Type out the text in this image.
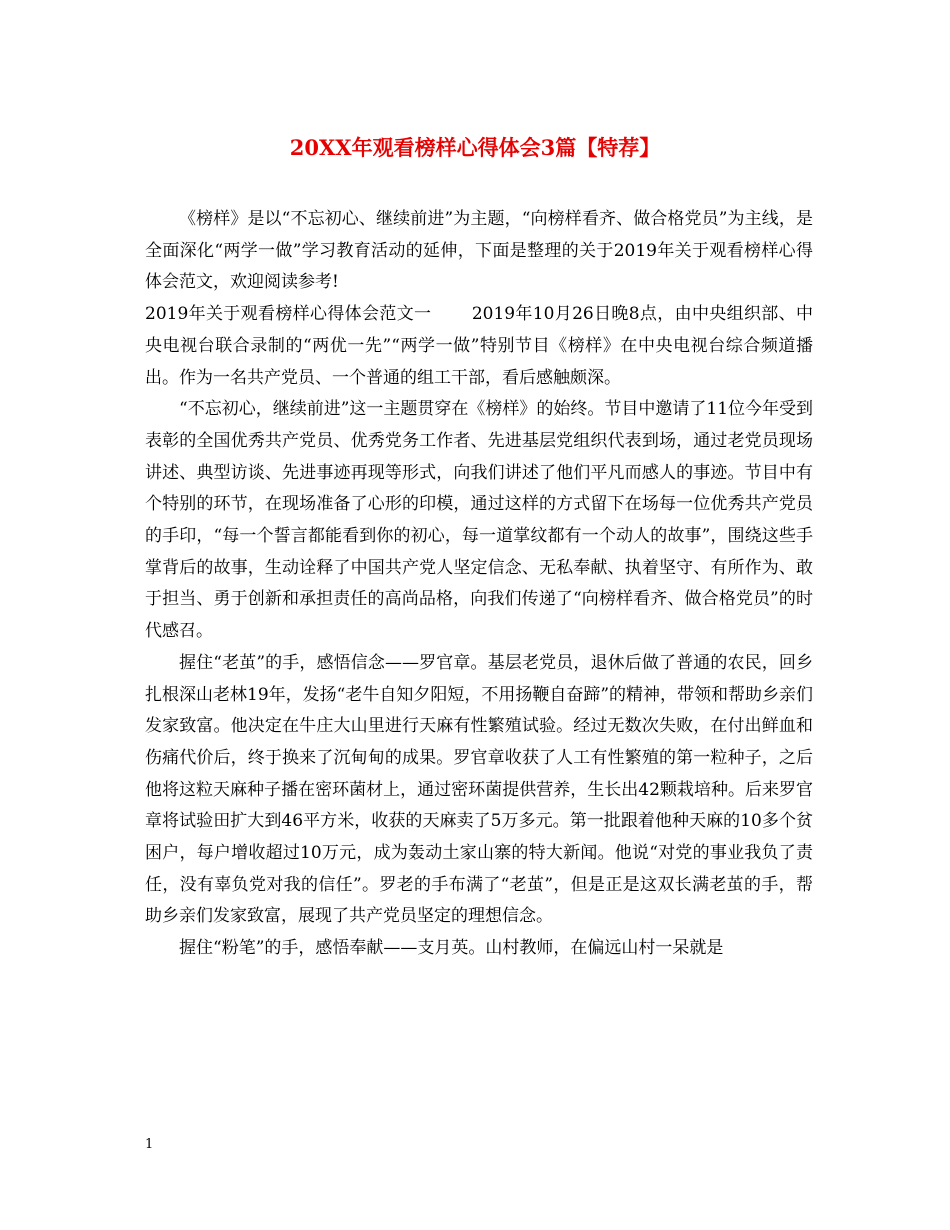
20XX年观看榜样心得体会3篇【特荐】

《榜样》是以“不忘初心、继续前进”为主题，“向榜样看齐、做合格党员”为主线，是全面深化“两学一做”学习教育活动的延伸，下面是整理的关于2019年关于观看榜样心得体会范文，欢迎阅读参考!

2019年关于观看榜样心得体会范文一　　 2019年10月26日晚8点，由中央组织部、中央电视台联合录制的“两优一先”“两学一做”特别节目《榜样》在中央电视台综合频道播出。作为一名共产党员、一个普通的组工干部，看后感触颇深。

“不忘初心，继续前进”这一主题贯穿在《榜样》的始终。节目中邀请了11位今年受到表彰的全国优秀共产党员、优秀党务工作者、先进基层党组织代表到场，通过老党员现场讲述、典型访谈、先进事迹再现等形式，向我们讲述了他们平凡而感人的事迹。节目中有个特别的环节，在现场准备了心形的印模，通过这样的方式留下在场每一位优秀共产党员的手印，“每一个誓言都能看到你的初心，每一道掌纹都有一个动人的故事”，围绕这些手掌背后的故事，生动诠释了中国共产党人坚定信念、无私奉献、执着坚守、有所作为、敢于担当、勇于创新和承担责任的高尚品格，向我们传递了“向榜样看齐、做合格党员”的时代感召。

握住“老茧”的手，感悟信念——罗官章。基层老党员，退休后做了普通的农民，回乡扎根深山老林19年，发扬“老牛自知夕阳短，不用扬鞭自奋蹄”的精神，带领和帮助乡亲们发家致富。他决定在牛庄大山里进行天麻有性繁殖试验。经过无数次失败，在付出鲜血和伤痛代价后，终于换来了沉甸甸的成果。罗官章收获了人工有性繁殖的第一粒种子，之后他将这粒天麻种子播在密环菌材上，通过密环菌提供营养，生长出42颗栽培种。后来罗官章将试验田扩大到46平方米，收获的天麻卖了5万多元。第一批跟着他种天麻的10多个贫困户，每户增收超过10万元，成为轰动土家山寨的特大新闻。他说“对党的事业我负了责任，没有辜负党对我的信任”。罗老的手布满了“老茧”，但是正是这双长满老茧的手，帮助乡亲们发家致富，展现了共产党员坚定的理想信念。

握住“粉笔”的手，感悟奉献——支月英。山村教师，在偏远山村一呆就是

1
